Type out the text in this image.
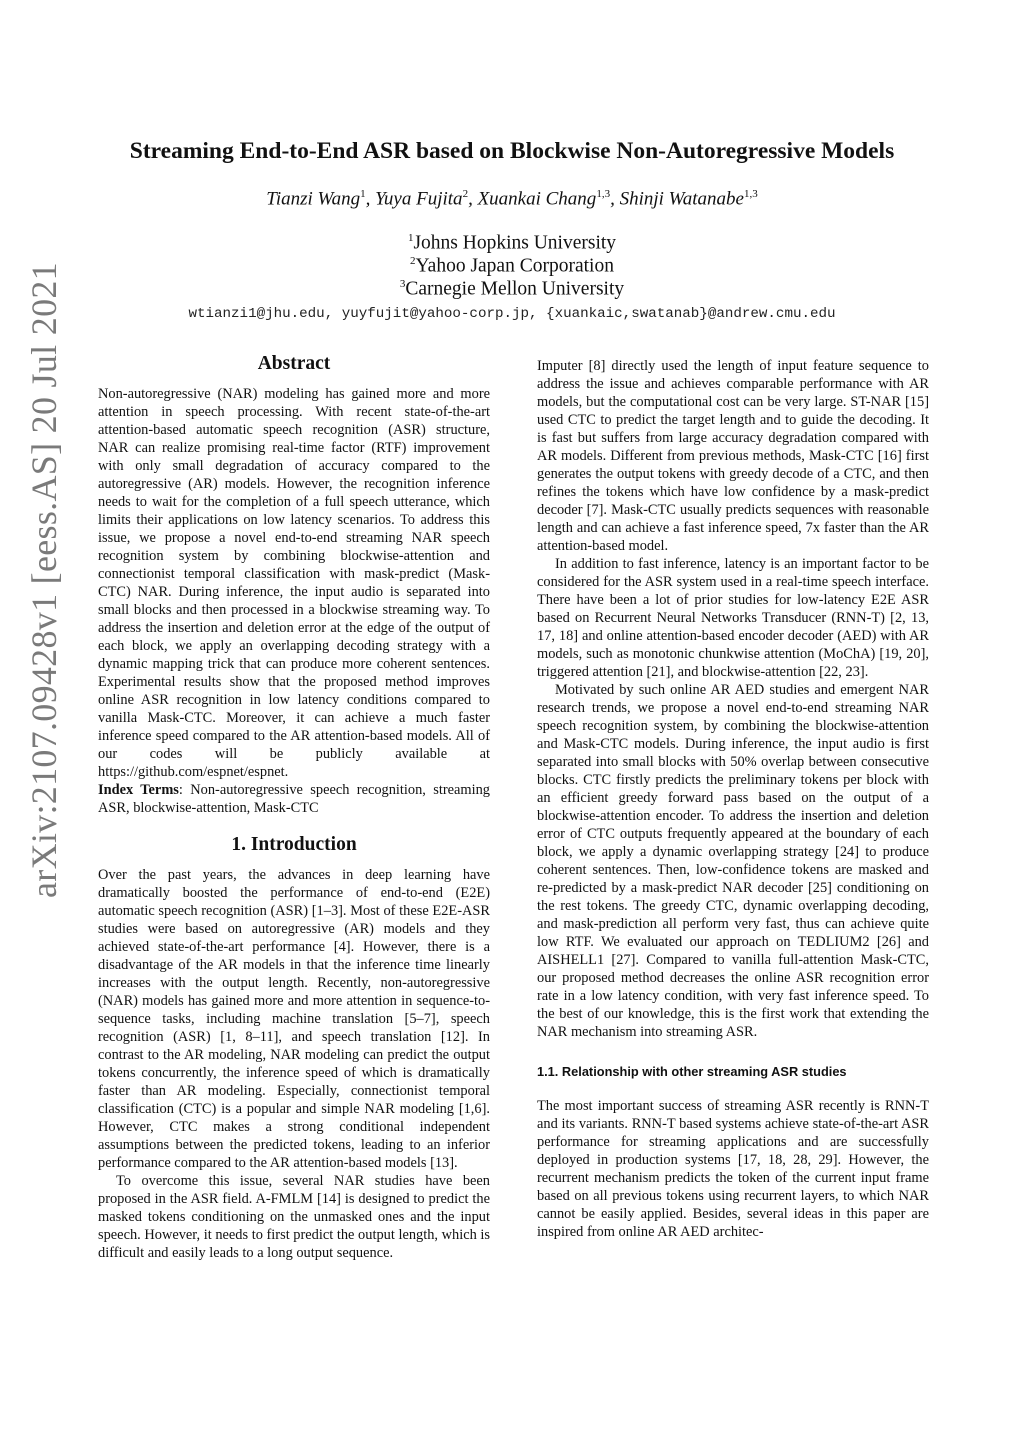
arXiv:2107.09428v1 [eess.AS] 20 Jul 2021
Streaming End-to-End ASR based on Blockwise Non-Autoregressive Models
Tianzi Wang$^1$, Yuya Fujita$^2$, Xuankai Chang$^{1,3}$, Shinji Watanabe$^{1,3}$
$^1$Johns Hopkins University
$^2$Yahoo Japan Corporation
$^3$Carnegie Mellon University
wtianzi1@jhu.edu, yuyfujit@yahoo-corp.jp, {xuankaic,swatanab}@andrew.cmu.edu
Abstract

Non-autoregressive (NAR) modeling has gained more and more attention in speech processing. With recent state-of-the-art attention-based automatic speech recognition (ASR) structure, NAR can realize promising real-time factor (RTF) improvement with only small degradation of accuracy compared to the autoregressive (AR) models. However, the recognition inference needs to wait for the completion of a full speech utterance, which limits their applications on low latency scenarios. To address this issue, we propose a novel end-to-end streaming NAR speech recognition system by combining blockwise-attention and connectionist temporal classification with mask-predict (Mask-CTC) NAR. During inference, the input audio is separated into small blocks and then processed in a blockwise streaming way. To address the insertion and deletion error at the edge of the output of each block, we apply an overlapping decoding strategy with a dynamic mapping trick that can produce more coherent sentences. Experimental results show that the proposed method improves online ASR recognition in low latency conditions compared to vanilla Mask-CTC. Moreover, it can achieve a much faster inference speed compared to the AR attention-based models. All of our codes will be publicly available at https://github.com/espnet/espnet.

Index Terms: Non-autoregressive speech recognition, streaming ASR, blockwise-attention, Mask-CTC

1. Introduction

Over the past years, the advances in deep learning have dramatically boosted the performance of end-to-end (E2E) automatic speech recognition (ASR) [1–3]. Most of these E2E-ASR studies were based on autoregressive (AR) models and they achieved state-of-the-art performance [4]. However, there is a disadvantage of the AR models in that the inference time linearly increases with the output length. Recently, non-autoregressive (NAR) models has gained more and more attention in sequence-to-sequence tasks, including machine translation [5–7], speech recognition (ASR) [1, 8–11], and speech translation [12]. In contrast to the AR modeling, NAR modeling can predict the output tokens concurrently, the inference speed of which is dramatically faster than AR modeling. Especially, connectionist temporal classification (CTC) is a popular and simple NAR modeling [1,6]. However, CTC makes a strong conditional independent assumptions between the predicted tokens, leading to an inferior performance compared to the AR attention-based models [13].

To overcome this issue, several NAR studies have been proposed in the ASR field. A-FMLM [14] is designed to predict the masked tokens conditioning on the unmasked ones and the input speech. However, it needs to first predict the output length, which is difficult and easily leads to a long output sequence.

Imputer [8] directly used the length of input feature sequence to address the issue and achieves comparable performance with AR models, but the computational cost can be very large. ST-NAR [15] used CTC to predict the target length and to guide the decoding. It is fast but suffers from large accuracy degradation compared with AR models. Different from previous methods, Mask-CTC [16] first generates the output tokens with greedy decode of a CTC, and then refines the tokens which have low confidence by a mask-predict decoder [7]. Mask-CTC usually predicts sequences with reasonable length and can achieve a fast inference speed, 7x faster than the AR attention-based model.

In addition to fast inference, latency is an important factor to be considered for the ASR system used in a real-time speech interface. There have been a lot of prior studies for low-latency E2E ASR based on Recurrent Neural Networks Transducer (RNN-T) [2, 13, 17, 18] and online attention-based encoder decoder (AED) with AR models, such as monotonic chunkwise attention (MoChA) [19, 20], triggered attention [21], and blockwise-attention [22, 23].

Motivated by such online AR AED studies and emergent NAR research trends, we propose a novel end-to-end streaming NAR speech recognition system, by combining the blockwise-attention and Mask-CTC models. During inference, the input audio is first separated into small blocks with 50% overlap between consecutive blocks. CTC firstly predicts the preliminary tokens per block with an efficient greedy forward pass based on the output of a blockwise-attention encoder. To address the insertion and deletion error of CTC outputs frequently appeared at the boundary of each block, we apply a dynamic overlapping strategy [24] to produce coherent sentences. Then, low-confidence tokens are masked and re-predicted by a mask-predict NAR decoder [25] conditioning on the rest tokens. The greedy CTC, dynamic overlapping decoding, and mask-prediction all perform very fast, thus can achieve quite low RTF. We evaluated our approach on TEDLIUM2 [26] and AISHELL1 [27]. Compared to vanilla full-attention Mask-CTC, our proposed method decreases the online ASR recognition error rate in a low latency condition, with very fast inference speed. To the best of our knowledge, this is the first work that extending the NAR mechanism into streaming ASR.

1.1. Relationship with other streaming ASR studies

The most important success of streaming ASR recently is RNN-T and its variants. RNN-T based systems achieve state-of-the-art ASR performance for streaming applications and are successfully deployed in production systems [17, 18, 28, 29]. However, the recurrent mechanism predicts the token of the current input frame based on all previous tokens using recurrent layers, to which NAR cannot be easily applied. Besides, several ideas in this paper are inspired from online AR AED architec-
